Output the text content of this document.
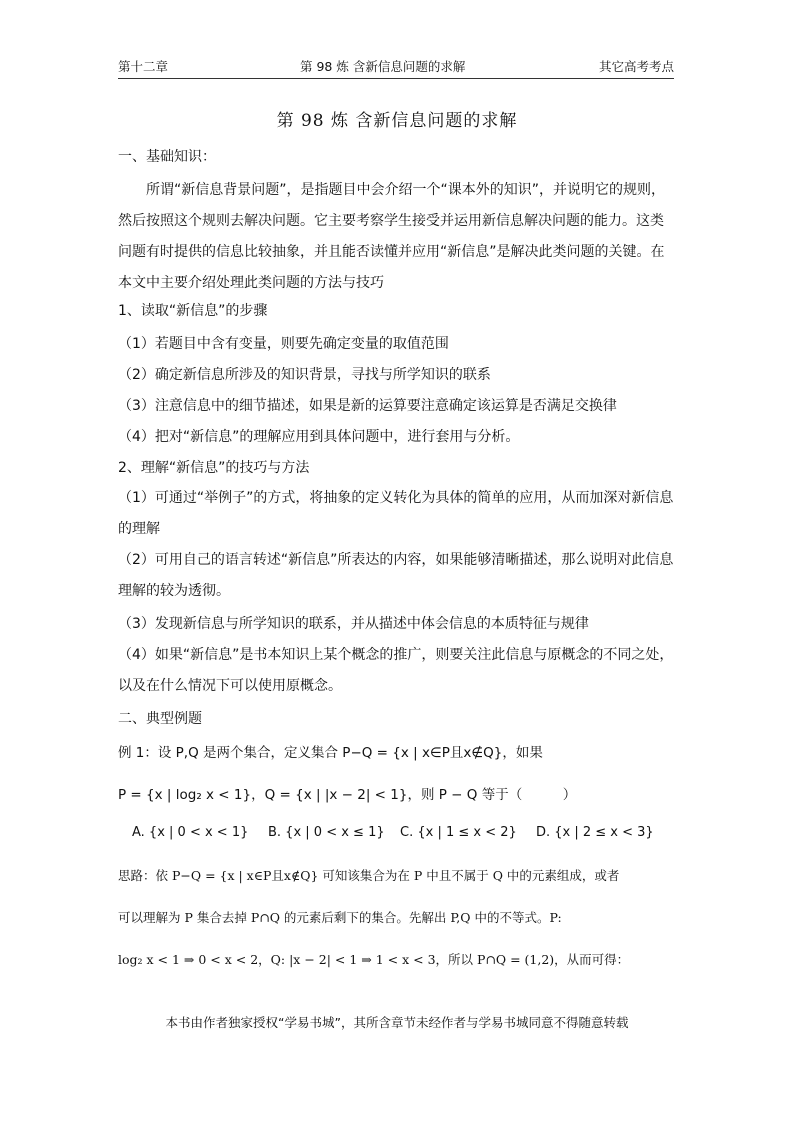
第十二章	第 98 炼 含新信息问题的求解	其它高考考点
第 98 炼 含新信息问题的求解

一、基础知识：

所谓“新信息背景问题”，是指题目中会介绍一个“课本外的知识”，并说明它的规则，然后按照这个规则去解决问题。它主要考察学生接受并运用新信息解决问题的能力。这类问题有时提供的信息比较抽象，并且能否读懂并应用“新信息”是解决此类问题的关键。在本文中主要介绍处理此类问题的方法与技巧

1、读取“新信息”的步骤

（1）若题目中含有变量，则要先确定变量的取值范围

（2）确定新信息所涉及的知识背景，寻找与所学知识的联系

（3）注意信息中的细节描述，如果是新的运算要注意确定该运算是否满足交换律

（4）把对“新信息”的理解应用到具体问题中，进行套用与分析。

2、理解“新信息”的技巧与方法

（1）可通过“举例子”的方式，将抽象的定义转化为具体的简单的应用，从而加深对新信息的理解

（2）可用自己的语言转述“新信息”所表达的内容，如果能够清晰描述，那么说明对此信息理解的较为透彻。

（3）发现新信息与所学知识的联系，并从描述中体会信息的本质特征与规律

（4）如果“新信息”是书本知识上某个概念的推广，则要关注此信息与原概念的不同之处，以及在什么情况下可以使用原概念。

二、典型例题

例 1：设 P,Q 是两个集合，定义集合 P−Q = {x | x∈P且x∉Q}，如果

P = {x | log₂ x < 1}，Q = {x | |x − 2| < 1}，则 P − Q 等于（　　　）

A. {x | 0 < x < 1} B. {x | 0 < x ≤ 1} C. {x | 1 ≤ x < 2} D. {x | 2 ≤ x < 3}

思路：依 P−Q = {x | x∈P且x∉Q} 可知该集合为在 P 中且不属于 Q 中的元素组成，或者

可以理解为 P 集合去掉 P∩Q 的元素后剩下的集合。先解出 P,Q 中的不等式。P:

log₂ x < 1 ⇒ 0 < x < 2，Q: |x − 2| < 1 ⇒ 1 < x < 3，所以 P∩Q = (1,2)，从而可得：

本书由作者独家授权“学易书城”，其所含章节未经作者与学易书城同意不得随意转载
